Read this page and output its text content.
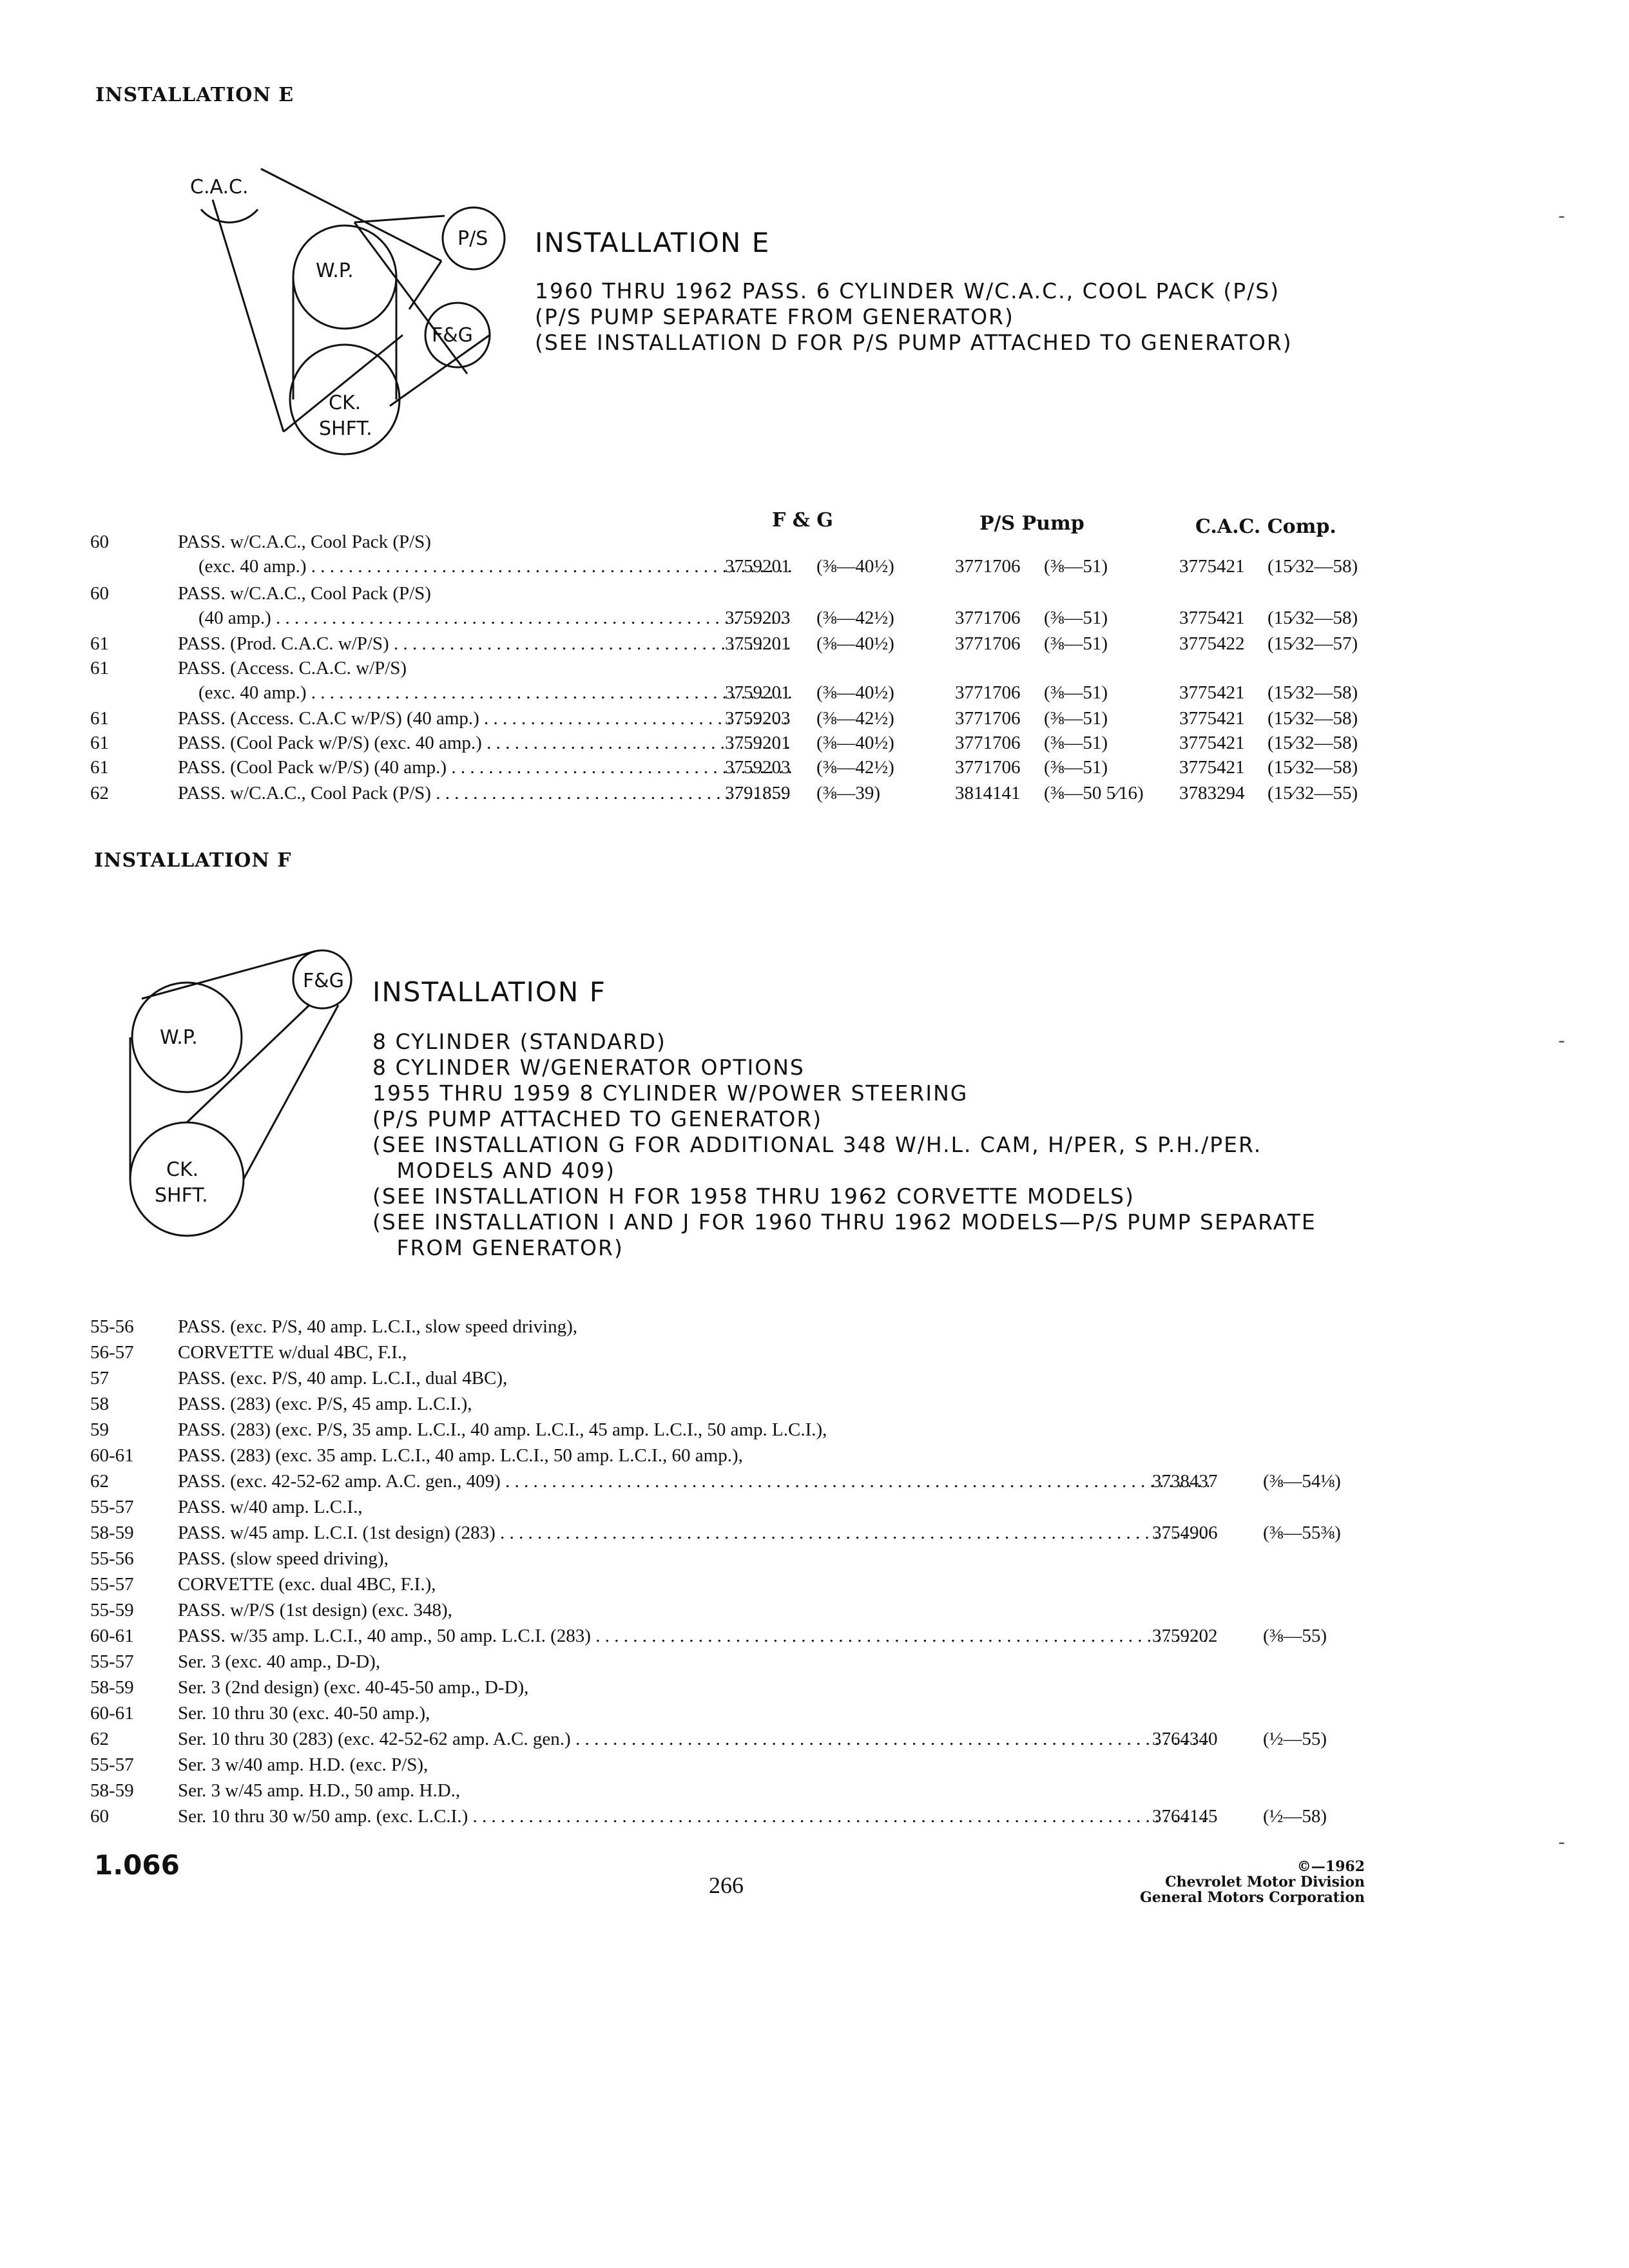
INSTALLATION E
C.A.C.
P/S
W.P.
F&G
CK.
SHFT.
INSTALLATION E
1960 THRU 1962 PASS. 6 CYLINDER W/C.A.C., COOL PACK (P/S)
(P/S PUMP SEPARATE FROM GENERATOR)
(SEE INSTALLATION D FOR P/S PUMP ATTACHED TO GENERATOR)
F & G	P/S Pump	C.A.C. Comp.
60	PASS. w/C.A.C., Cool Pack (P/S)
(exc. 40 amp.) . . .	3759201 (⅜—40½)	3771706 (⅜—51)	3775421 (15⁄32—58)
60	PASS. w/C.A.C., Cool Pack (P/S)
(40 amp.) . . .	3759203 (⅜—42½)	3771706 (⅜—51)	3775421 (15⁄32—58)
61	PASS. (Prod. C.A.C. w/P/S) . . .	3759201 (⅜—40½)	3771706 (⅜—51)	3775422 (15⁄32—57)
61	PASS. (Access. C.A.C. w/P/S)
(exc. 40 amp.) . . .	3759201 (⅜—40½)	3771706 (⅜—51)	3775421 (15⁄32—58)
61	PASS. (Access. C.A.C w/P/S) (40 amp.) . . .	3759203 (⅜—42½)	3771706 (⅜—51)	3775421 (15⁄32—58)
61	PASS. (Cool Pack w/P/S) (exc. 40 amp.) . . .	3759201 (⅜—40½)	3771706 (⅜—51)	3775421 (15⁄32—58)
61	PASS. (Cool Pack w/P/S) (40 amp.) . . .	3759203 (⅜—42½)	3771706 (⅜—51)	3775421 (15⁄32—58)
62	PASS. w/C.A.C., Cool Pack (P/S) . . .	3791859 (⅜—39)	3814141 (⅜—50 5⁄16) 3783294 (15⁄32—55)
INSTALLATION F
F&G
W.P.
CK.
SHFT.
INSTALLATION F
8 CYLINDER (STANDARD)
8 CYLINDER W/GENERATOR OPTIONS
1955 THRU 1959 8 CYLINDER W/POWER STEERING
(P/S PUMP ATTACHED TO GENERATOR)
(SEE INSTALLATION G FOR ADDITIONAL 348 W/H.L. CAM, H/PER, S P.H./PER.
MODELS AND 409)
(SEE INSTALLATION H FOR 1958 THRU 1962 CORVETTE MODELS)
(SEE INSTALLATION I AND J FOR 1960 THRU 1962 MODELS—P/S PUMP SEPARATE
FROM GENERATOR)
55-56 PASS. (exc. P/S, 40 amp. L.C.I., slow speed driving),
56-57 CORVETTE w/dual 4BC, F.I.,
57	PASS. (exc. P/S, 40 amp. L.C.I., dual 4BC),
58	PASS. (283) (exc. P/S, 45 amp. L.C.I.),
59	PASS. (283) (exc. P/S, 35 amp. L.C.I., 40 amp. L.C.I., 45 amp. L.C.I., 50 amp. L.C.I.),
60-61 PASS. (283) (exc. 35 amp. L.C.I., 40 amp. L.C.I., 50 amp. L.C.I., 60 amp.),
62	PASS. (exc. 42-52-62 amp. A.C. gen., 409) . . .	3738437 (⅜—54⅛)
55-57 PASS. w/40 amp. L.C.I.,
58-59 PASS. w/45 amp. L.C.I. (1st design) (283) . . .	3754906 (⅜—55⅜)
55-56 PASS. (slow speed driving),
55-57 CORVETTE (exc. dual 4BC, F.I.),
55-59 PASS. w/P/S (1st design) (exc. 348),
60-61 PASS. w/35 amp. L.C.I., 40 amp., 50 amp. L.C.I. (283) . . .	3759202 (⅜—55)
55-57 Ser. 3 (exc. 40 amp., D-D),
58-59 Ser. 3 (2nd design) (exc. 40-45-50 amp., D-D),
60-61 Ser. 10 thru 30 (exc. 40-50 amp.),
62	Ser. 10 thru 30 (283) (exc. 42-52-62 amp. A.C. gen.) . . .	3764340 (½—55)
55-57 Ser. 3 w/40 amp. H.D. (exc. P/S),
58-59 Ser. 3 w/45 amp. H.D., 50 amp. H.D.,
60	Ser. 10 thru 30 w/50 amp. (exc. L.C.I.) . . .	3764145 (½—58)
1.066
266
©—1962
Chevrolet Motor Division
General Motors Corporation
-
-
-
